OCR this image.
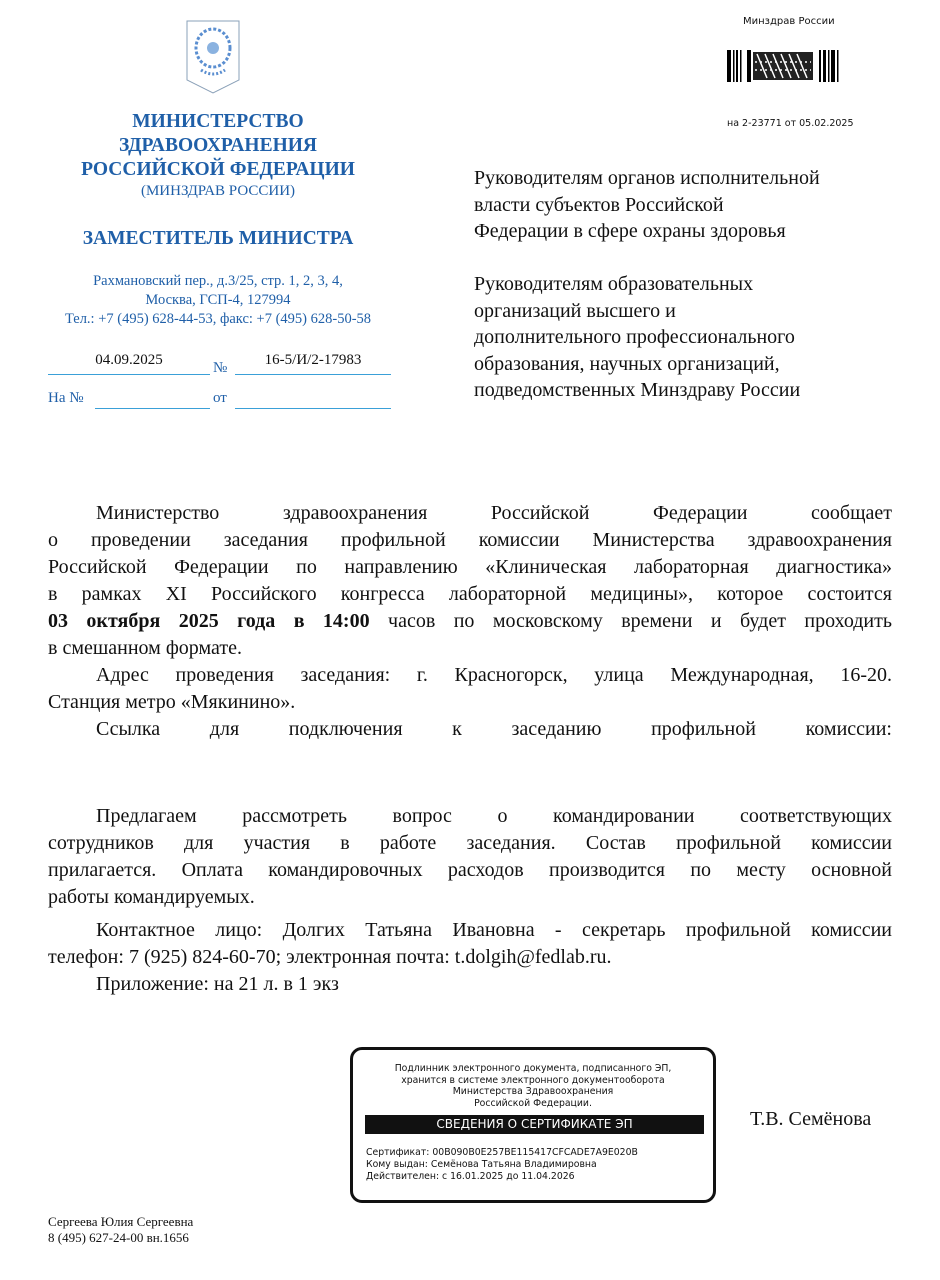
МИНИСТЕРСТВО
ЗДРАВООХРАНЕНИЯ
РОССИЙСКОЙ ФЕДЕРАЦИИ
(МИНЗДРАВ РОССИИ)
ЗАМЕСТИТЕЛЬ МИНИСТРА
Рахмановский пер., д.3/25, стр. 1, 2, 3, 4,
Москва, ГСП-4, 127994
Тел.: +7 (495) 628-44-53, факс: +7 (495) 628-50-58
04.09.2025	№	16-5/И/2-17983
На №	от
Минздрав России
на 2-23771 от 05.02.2025
Руководителям органов исполнительной
власти субъектов Российской
Федерации в сфере охраны здоровья
Руководителям образовательных
организаций высшего и
дополнительного профессионального
образования, научных организаций,
подведомственных Минздраву России
Министерство здравоохранения Российской Федерации сообщает
о проведении заседания профильной комиссии Министерства здравоохранения
Российской Федерации по направлению «Клиническая лабораторная диагностика»
в рамках XI Российского конгресса лабораторной медицины», которое состоится
03 октября 2025 года в 14:00 часов по московскому времени и будет проходить
в смешанном формате.
Адрес проведения заседания: г. Красногорск, улица Международная, 16-20.
Станция метро «Мякинино».
Ссылка для подключения к заседанию профильной комиссии:
Предлагаем рассмотреть вопрос о командировании соответствующих
сотрудников для участия в работе заседания. Состав профильной комиссии
прилагается. Оплата командировочных расходов производится по месту основной
работы командируемых.
Контактное лицо: Долгих Татьяна Ивановна - секретарь профильной комиссии
телефон: 7 (925) 824-60-70; электронная почта: t.dolgih@fedlab.ru.
Приложение: на 21 л. в 1 экз
Подлинник электронного документа, подписанного ЭП,
хранится в системе электронного документооборота
Министерства Здравоохранения
Российской Федерации.
СВЕДЕНИЯ О СЕРТИФИКАТЕ ЭП
Сертификат: 00B090B0E257BE115417CFCADE7A9E020B
Кому выдан: Семёнова Татьяна Владимировна
Действителен: с 16.01.2025 до 11.04.2026
Т.В. Семёнова
Сергеева Юлия Сергеевна
8 (495) 627-24-00 вн.1656
